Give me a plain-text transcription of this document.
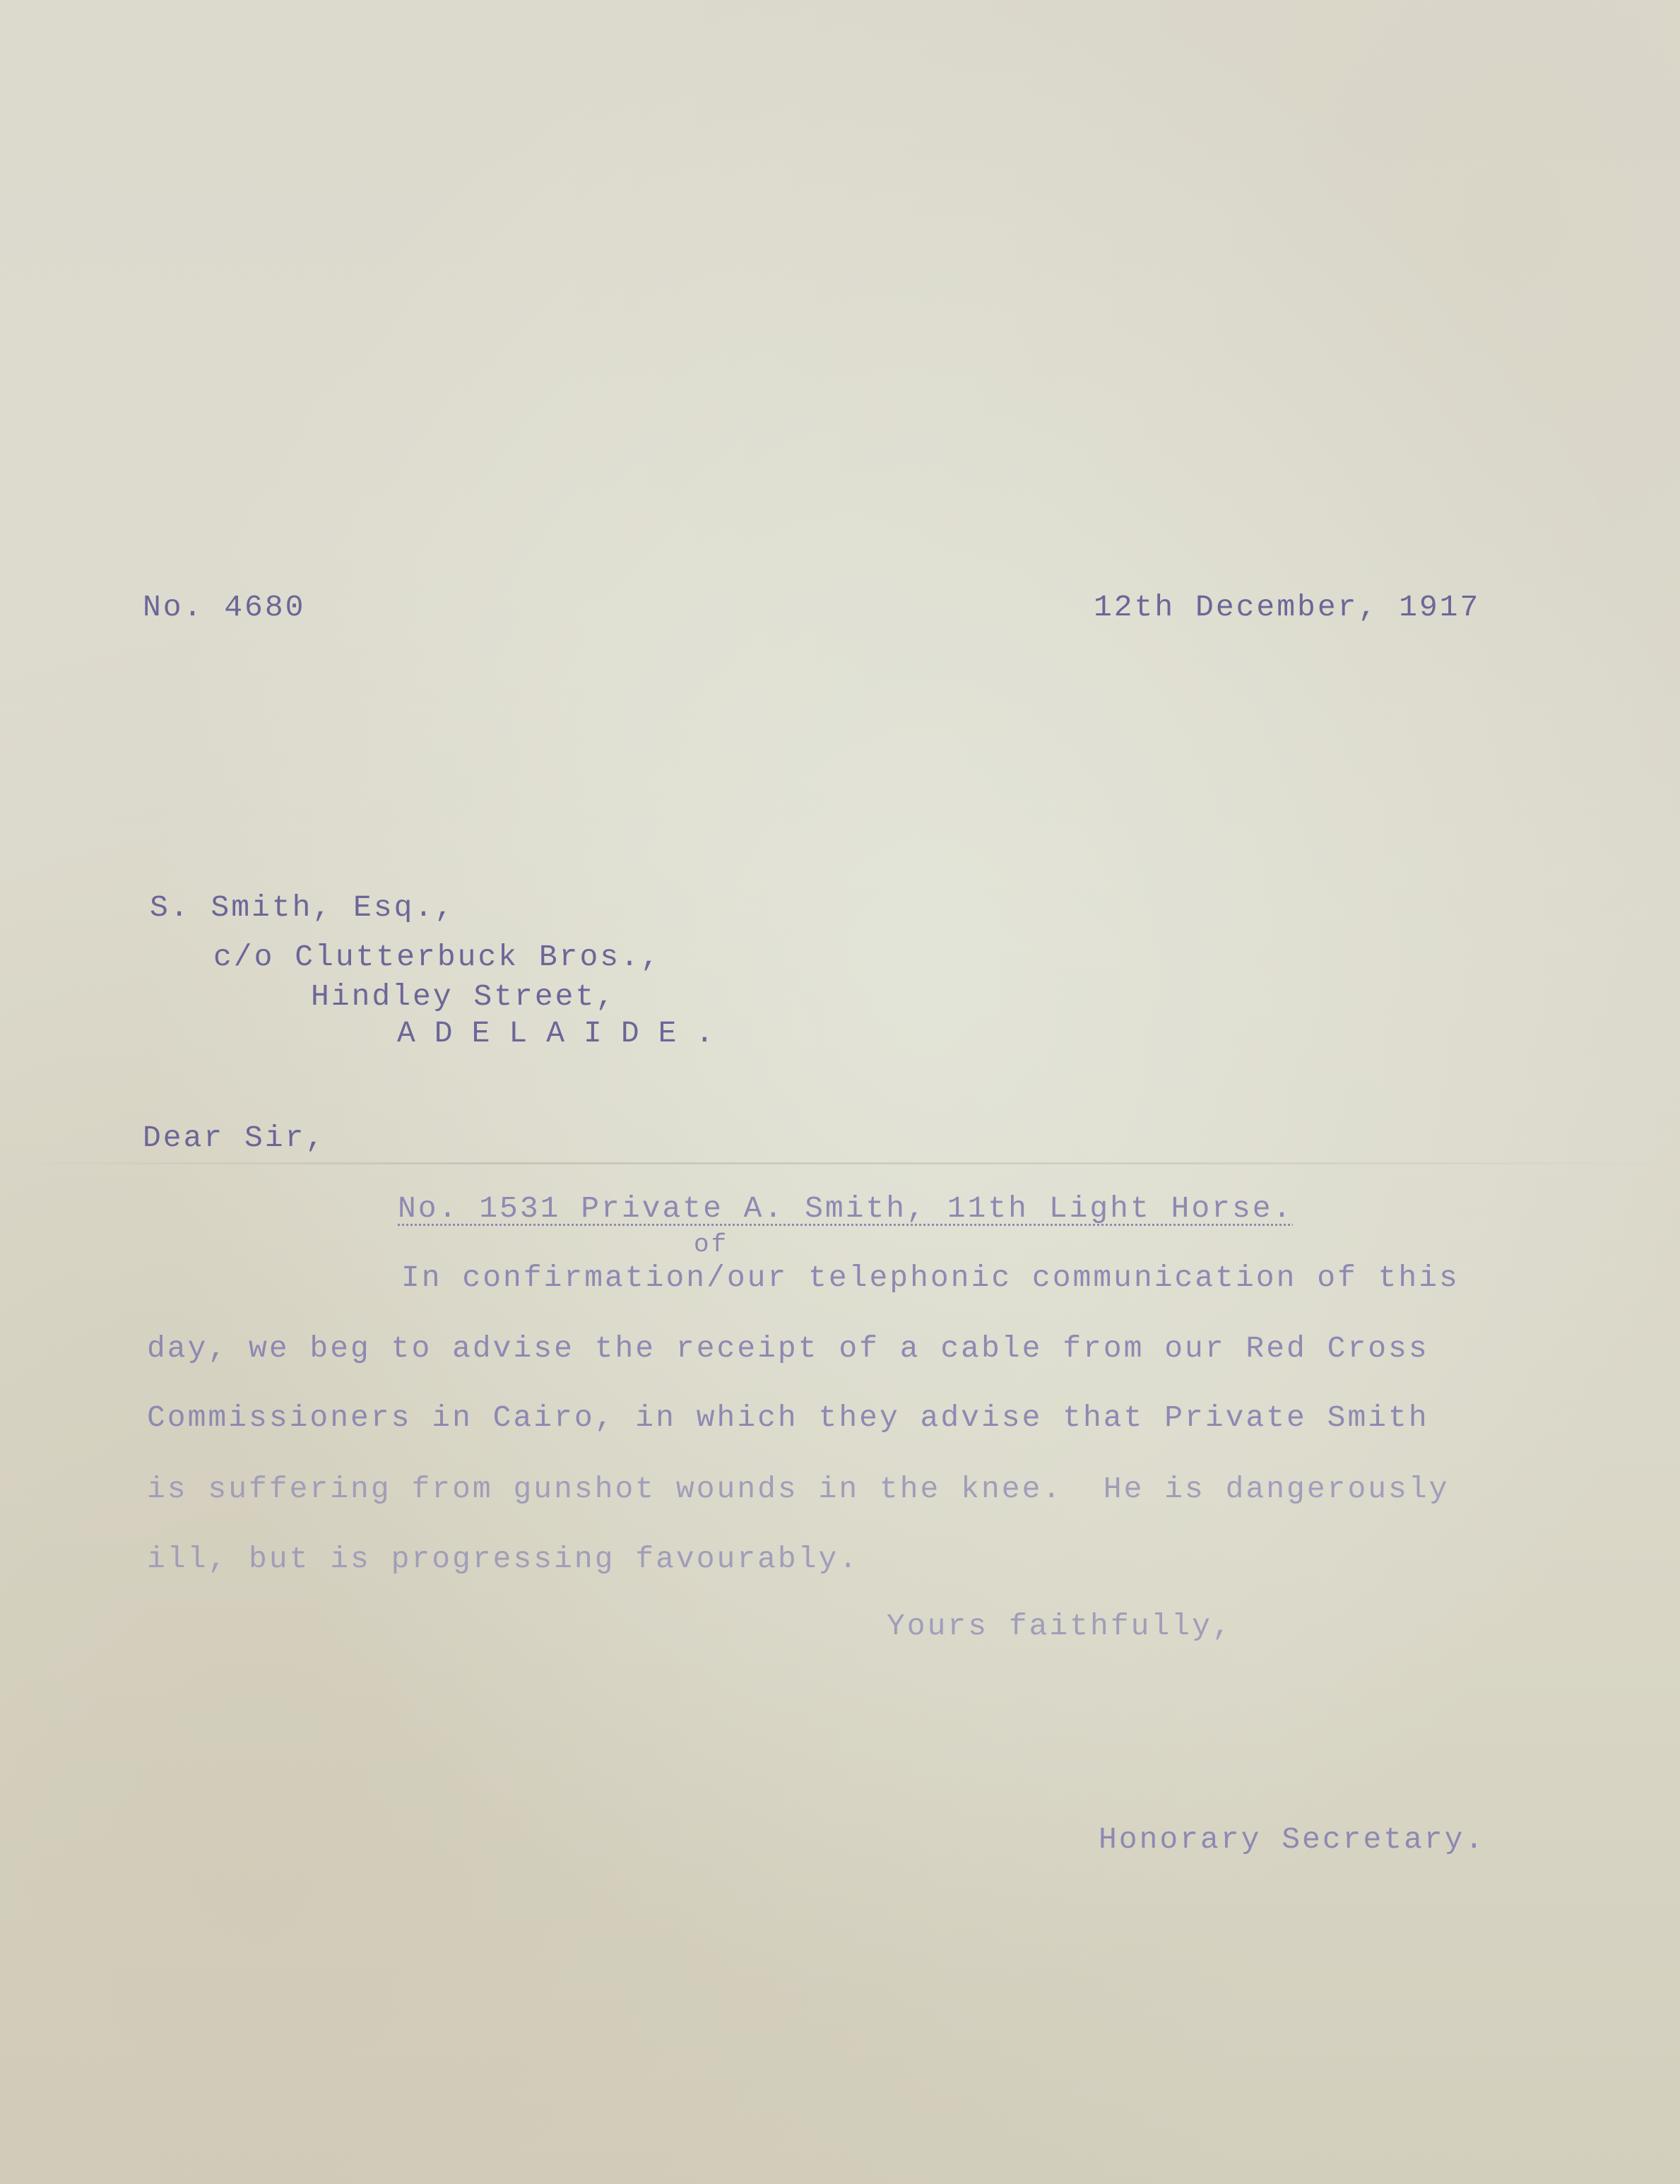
No. 4680	12th December, 1917
S. Smith, Esq.,
c/o Clutterbuck Bros.,
Hindley Street,
ADELAIDE.
Dear Sir,
No. 1531 Private A. Smith, 11th Light Horse.
of
In confirmation/our telephonic communication of this
day, we beg to advise the receipt of a cable from our Red Cross
Commissioners in Cairo, in which they advise that Private Smith
is suffering from gunshot wounds in the knee.  He is dangerously
ill, but is progressing favourably.
Yours faithfully,
Honorary Secretary.
